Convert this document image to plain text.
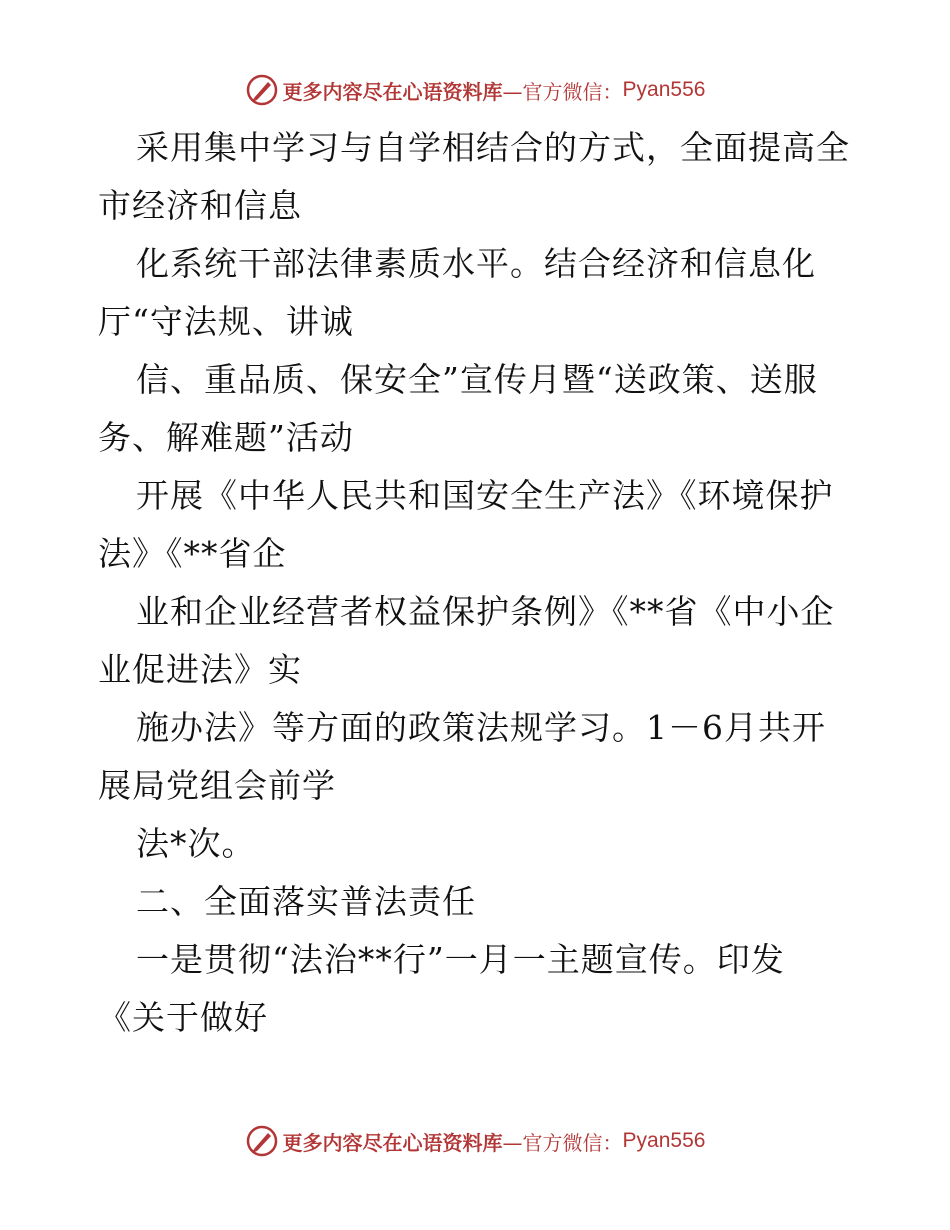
更多内容尽在心语资料库 —官方微信： Pyan556
采用集中学习与自学相结合的方式，全面提高全
市经济和信息
化系统干部法律素质水平。结合经济和信息化
厅“守法规、讲诚
信、重品质、保安全”宣传月暨“送政策、送服
务、解难题”活动
开展《中华人民共和国安全生产法》《环境保护
法》《**省企
业和企业经营者权益保护条例》《**省《中小企
业促进法》实
施办法》等方面的政策法规学习。1－6月共开
展局党组会前学
法*次。
二、全面落实普法责任
一是贯彻“法治**行”一月一主题宣传。印发
《关于做好
更多内容尽在心语资料库 —官方微信： Pyan556
